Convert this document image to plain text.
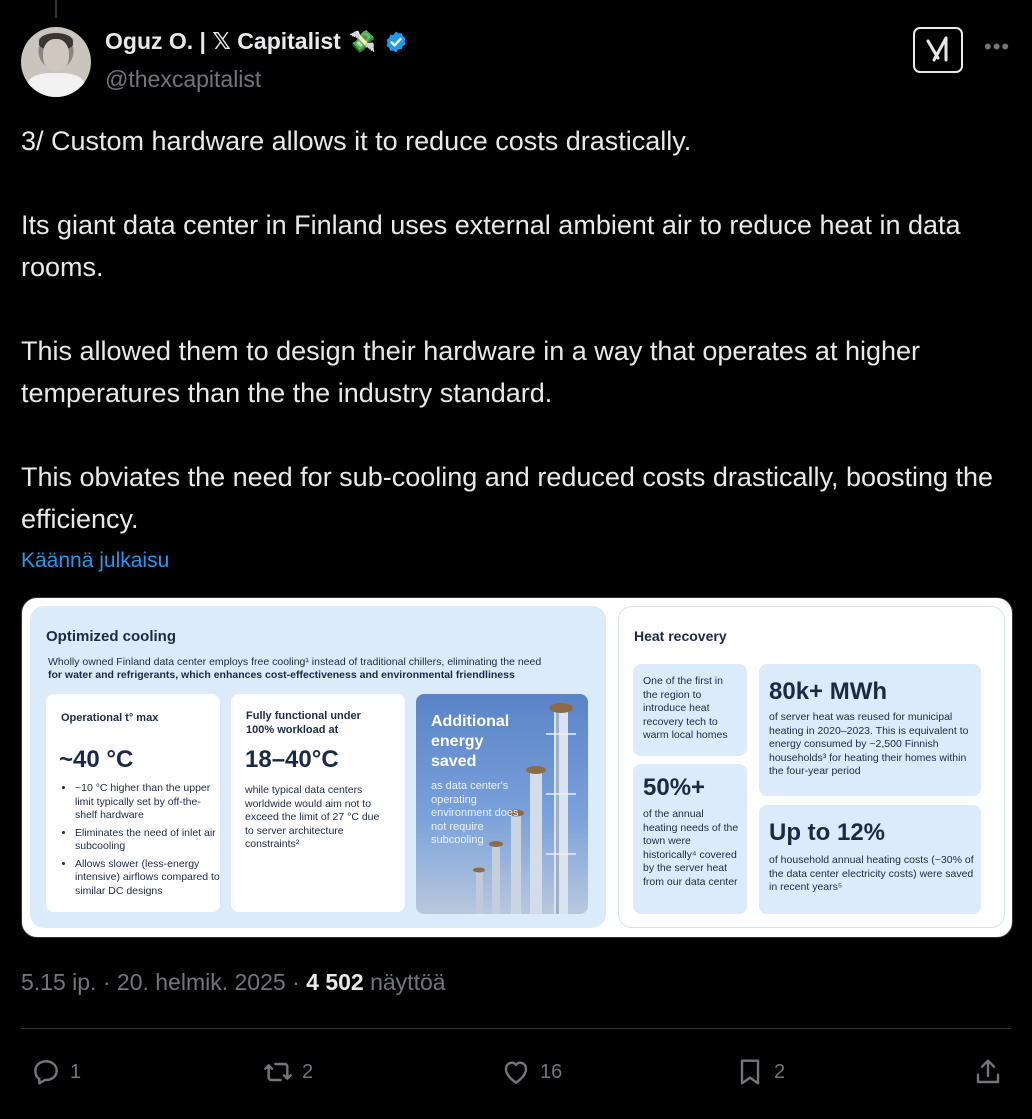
Oguz O. | 𝕏 Capitalist 💸
@thexcapitalist
•••

3/ Custom hardware allows it to reduce costs drastically.

Its giant data center in Finland uses external ambient air to reduce heat in data rooms.

This allowed them to design their hardware in a way that operates at higher temperatures than the the industry standard.

This obviates the need for sub-cooling and reduced costs drastically, boosting the efficiency.

Käännä julkaisu
Optimized cooling
Wholly owned Finland data center employs free cooling¹ instead of traditional chillers, eliminating the need
for water and refrigerants, which enhances cost-effectiveness and environmental friendliness
Operational t° max
~40 °C
• ~10 °C higher than the upper limit typically set by off-the-shelf hardware
• Eliminates the need of inlet air subcooling
• Allows slower (less-energy intensive) airflows compared to similar DC designs
Fully functional under 100% workload at
18–40°C
while typical data centers worldwide would aim not to exceed the limit of 27 °C due to server architecture constraints²
Additional energy saved
as data center's operating environment does not require subcooling
Heat recovery
One of the first in the region to introduce heat recovery tech to warm local homes
50%+
of the annual heating needs of the town were historically⁴ covered by the server heat from our data center
80k+ MWh
of server heat was reused for municipal heating in 2020–2023. This is equivalent to energy consumed by ~2,500 Finnish households³ for heating their homes within the four-year period
Up to 12%
of household annual heating costs (~30% of the data center electricity costs) were saved in recent years⁵
5.15 ip. · 20. helmik. 2025 · 4 502 näyttöä
1	2	16	2
